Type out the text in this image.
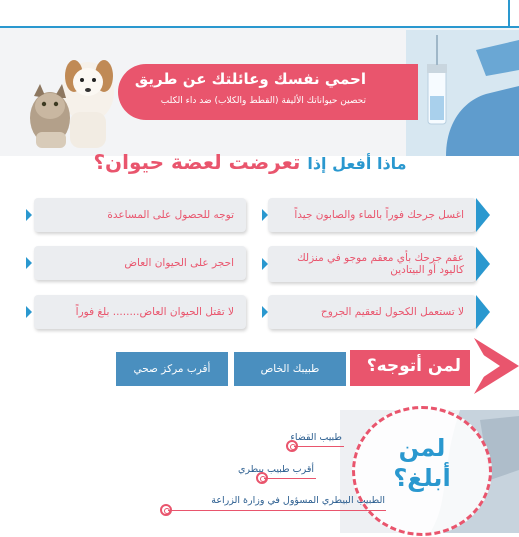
احمي نفسك وعائلتك عن طريق
تحصين حيواناتك الأليفة (القطط والكلاب) ضد داء الكلب
ماذا أفعل إذا تعرضت لعضة حيوان؟
اغسل جرحك فوراً بالماء والصابون جيداً
عقم جرحك بأي معقم موجو في منزلك كاليود أو البيتادين
لا تستعمل الكحول لتعقيم الجروح
توجه للحصول على المساعدة
احجر على الحيوان العاض
لا تقتل الحيوان العاض........ بلغ فوراً
لمن أتوجه؟
طبيبك الخاص
أقرب مركز صحي
لمن
أبلغ؟
طبيب القضاء
أقرب طبيب بيطري
الطبيب البيطري المسؤول في وزارة الزراعة
